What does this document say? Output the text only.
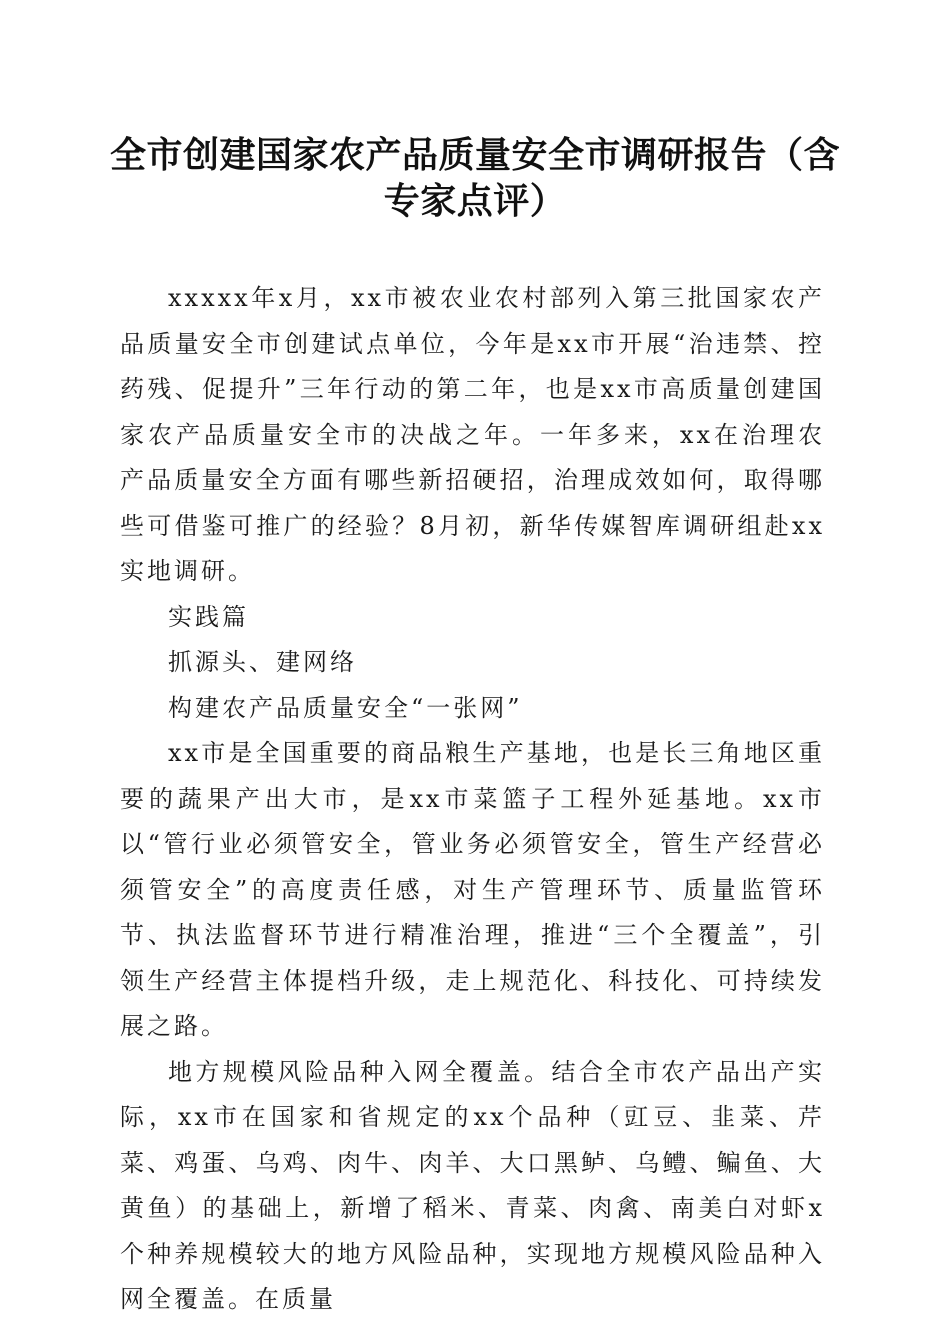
全市创建国家农产品质量安全市调研报告（含专家点评）

xxxxx年x月，xx市被农业农村部列入第三批国家农产品质量安全市创建试点单位，今年是xx市开展“治违禁、控药残、促提升”三年行动的第二年，也是xx市高质量创建国家农产品质量安全市的决战之年。一年多来，xx在治理农产品质量安全方面有哪些新招硬招，治理成效如何，取得哪些可借鉴可推广的经验？8月初，新华传媒智库调研组赴xx实地调研。

实践篇

抓源头、建网络

构建农产品质量安全“一张网”

xx市是全国重要的商品粮生产基地，也是长三角地区重要的蔬果产出大市，是xx市菜篮子工程外延基地。xx市以“管行业必须管安全，管业务必须管安全，管生产经营必须管安全”的高度责任感，对生产管理环节、质量监管环节、执法监督环节进行精准治理，推进“三个全覆盖”，引领生产经营主体提档升级，走上规范化、科技化、可持续发展之路。

地方规模风险品种入网全覆盖。结合全市农产品出产实际，xx市在国家和省规定的xx个品种（豇豆、韭菜、芹菜、鸡蛋、乌鸡、肉牛、肉羊、大口黑鲈、乌鳢、鳊鱼、大黄鱼）的基础上，新增了稻米、青菜、肉禽、南美白对虾x个种养规模较大的地方风险品种，实现地方规模风险品种入网全覆盖。在质量
